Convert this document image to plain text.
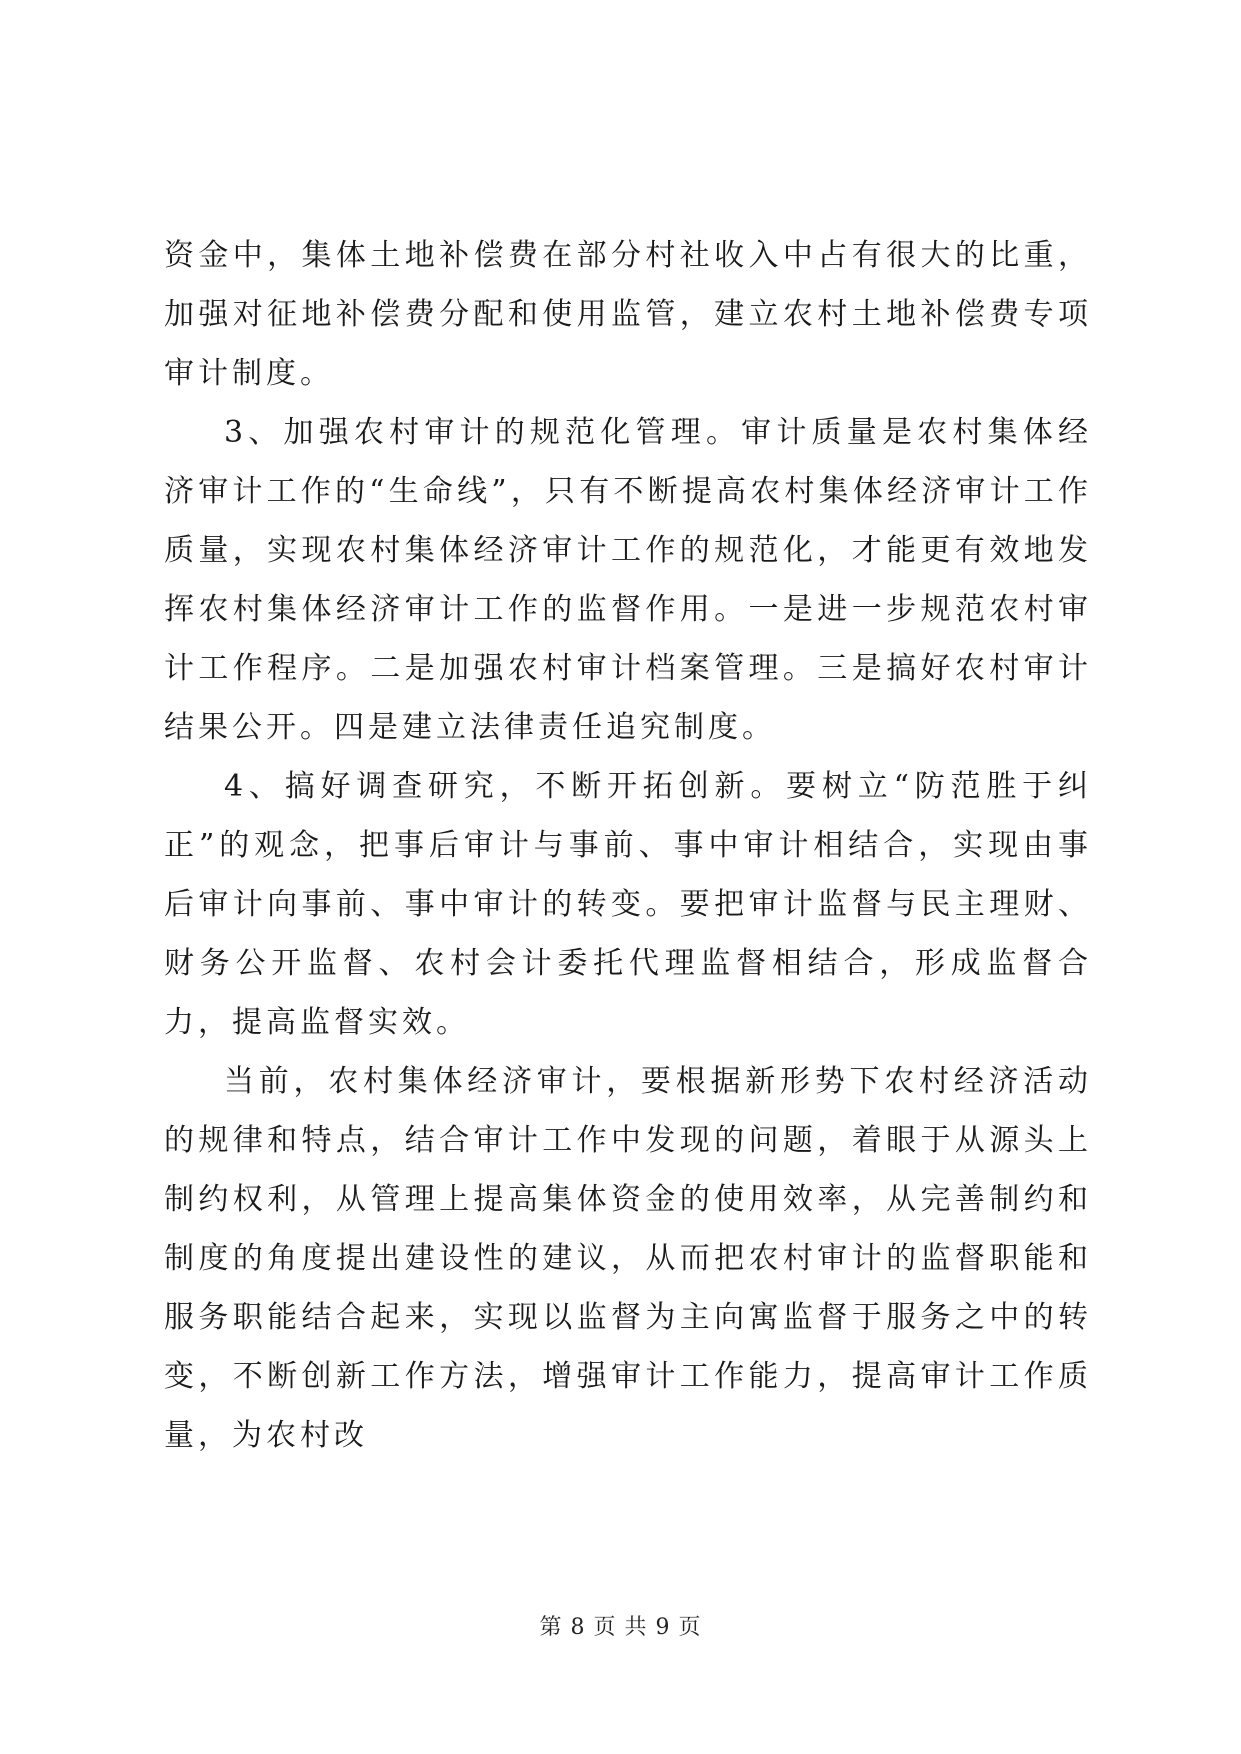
资金中，集体土地补偿费在部分村社收入中占有很大的比重，加强对征地补偿费分配和使用监管，建立农村土地补偿费专项审计制度。

3、加强农村审计的规范化管理。审计质量是农村集体经济审计工作的“生命线”，只有不断提高农村集体经济审计工作质量，实现农村集体经济审计工作的规范化，才能更有效地发挥农村集体经济审计工作的监督作用。一是进一步规范农村审计工作程序。二是加强农村审计档案管理。三是搞好农村审计结果公开。四是建立法律责任追究制度。

4、搞好调查研究，不断开拓创新。要树立“防范胜于纠正”的观念，把事后审计与事前、事中审计相结合，实现由事后审计向事前、事中审计的转变。要把审计监督与民主理财、财务公开监督、农村会计委托代理监督相结合，形成监督合力，提高监督实效。

当前，农村集体经济审计，要根据新形势下农村经济活动的规律和特点，结合审计工作中发现的问题，着眼于从源头上制约权利，从管理上提高集体资金的使用效率，从完善制约和制度的角度提出建设性的建议，从而把农村审计的监督职能和服务职能结合起来，实现以监督为主向寓监督于服务之中的转变，不断创新工作方法，增强审计工作能力，提高审计工作质量，为农村改

第 8 页 共 9 页
